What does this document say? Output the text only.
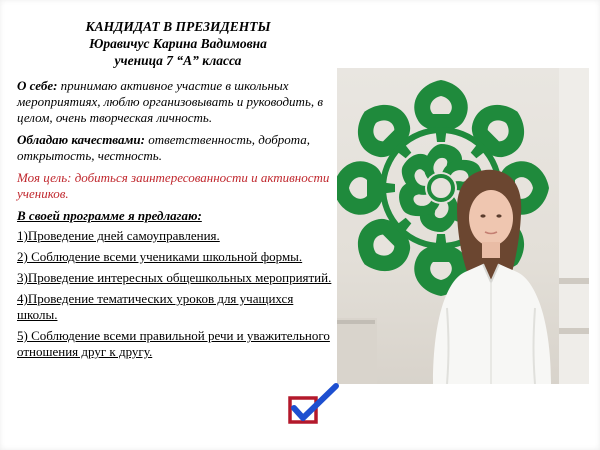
КАНДИДАТ В ПРЕЗИДЕНТЫ
Юравичус Карина Вадимовна
ученица 7 “А” класса

О себе: принимаю активное участие в школьных мероприятиях, люблю организовывать и руководить, в целом, очень творческая личность.

Обладаю качествами: ответственность, доброта, открытость, честность.

Моя цель: добиться заинтересованности и активности учеников.

В своей программе я предлагаю:
1)Проведение дней самоуправления.
2) Соблюдение всеми учениками школьной формы.
3)Проведение интересных общешкольных мероприятий.
4)Проведение тематических уроков для учащихся школы.
5) Соблюдение всеми правильной речи и уважительного отношения друг к другу.
